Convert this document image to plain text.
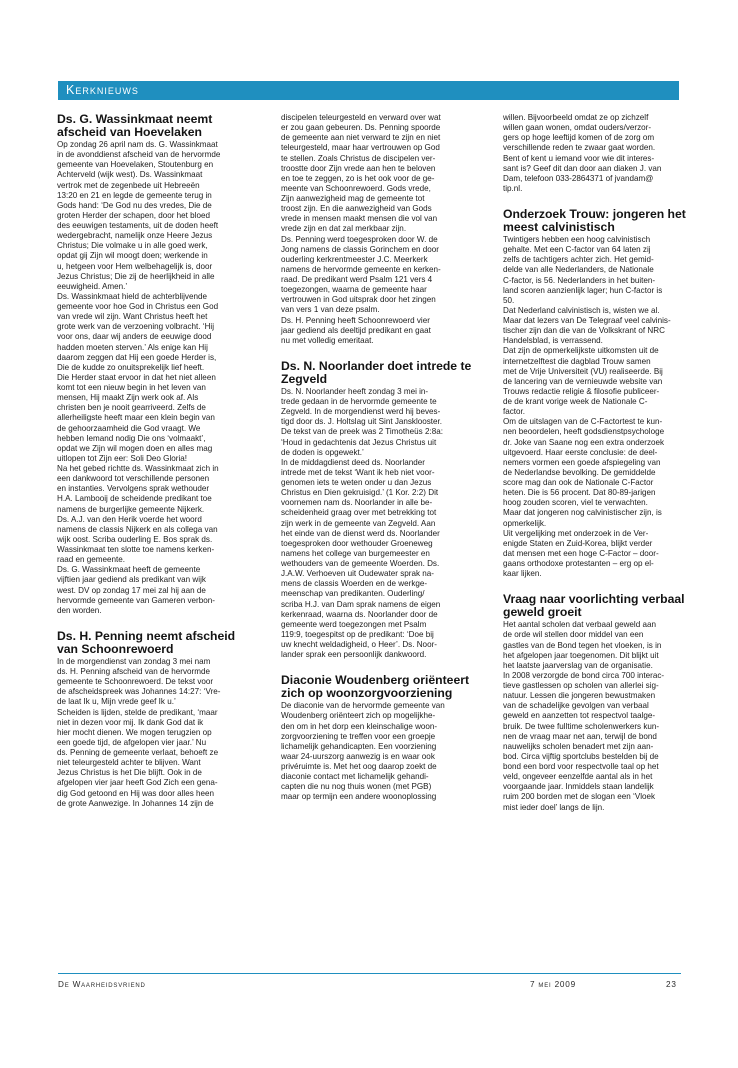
Kerknieuws
Ds. G. Wassinkmaat neemt afscheid van Hoevelaken

Op zondag 26 april nam ds. G. Wassinkmaat
in de avonddienst afscheid van de hervormde
gemeente van Hoevelaken, Stoutenburg en
Achterveld (wijk west). Ds. Wassinkmaat
vertrok met de zegenbede uit Hebreeën
13:20 en 21 en legde de gemeente terug in
Gods hand: ‘De God nu des vredes, Die de
groten Herder der schapen, door het bloed
des eeuwigen testaments, uit de doden heeft
wedergebracht, namelijk onze Heere Jezus
Christus; Die volmake u in alle goed werk,
opdat gij Zijn wil moogt doen; werkende in
u, hetgeen voor Hem welbehagelijk is, door
Jezus Christus; Die zij de heerlijkheid in alle
eeuwigheid. Amen.’
Ds. Wassinkmaat hield de achterblijvende
gemeente voor hoe God in Christus een God
van vrede wil zijn. Want Christus heeft het
grote werk van de verzoening volbracht. ‘Hij
voor ons, daar wij anders de eeuwige dood
hadden moeten sterven.’ Als enige kan Hij
daarom zeggen dat Hij een goede Herder is,
Die de kudde zo onuitsprekelijk lief heeft.
Die Herder staat ervoor in dat het niet alleen
komt tot een nieuw begin in het leven van
mensen, Hij maakt Zijn werk ook af. Als
christen ben je nooit gearriveerd. Zelfs de
allerheiligste heeft maar een klein begin van
de gehoorzaamheid die God vraagt. We
hebben Iemand nodig Die ons ‘volmaakt’,
opdat we Zijn wil mogen doen en alles mag
uitlopen tot Zijn eer: Soli Deo Gloria!
Na het gebed richtte ds. Wassinkmaat zich in
een dankwoord tot verschillende personen
en instanties. Vervolgens sprak wethouder
H.A. Lambooij de scheidende predikant toe
namens de burgerlijke gemeente Nijkerk.
Ds. A.J. van den Herik voerde het woord
namens de classis Nijkerk en als collega van
wijk oost. Scriba ouderling E. Bos sprak ds.
Wassinkmaat ten slotte toe namens kerken-
raad en gemeente.
Ds. G. Wassinkmaat heeft de gemeente
vijftien jaar gediend als predikant van wijk
west. DV op zondag 17 mei zal hij aan de
hervormde gemeente van Gameren verbon-
den worden.

Ds. H. Penning neemt afscheid van Schoonrewoerd

In de morgendienst van zondag 3 mei nam
ds. H. Penning afscheid van de hervormde
gemeente te Schoonrewoerd. De tekst voor
de afscheidspreek was Johannes 14:27: ‘Vre-
de laat Ik u, Mijn vrede geef Ik u.’
Scheiden is lijden, stelde de predikant, ‘maar
niet in dezen voor mij. Ik dank God dat ik
hier mocht dienen. We mogen terugzien op
een goede tijd, de afgelopen vier jaar.’ Nu
ds. Penning de gemeente verlaat, behoeft ze
niet teleurgesteld achter te blijven. Want
Jezus Christus is het Die blijft. Ook in de
afgelopen vier jaar heeft God Zich een gena-
dig God getoond en Hij was door alles heen
de grote Aanwezige. In Johannes 14 zijn de

discipelen teleurgesteld en verward over wat
er zou gaan gebeuren. Ds. Penning spoorde
de gemeente aan niet verward te zijn en niet
teleurgesteld, maar haar vertrouwen op God
te stellen. Zoals Christus de discipelen ver-
troostte door Zijn vrede aan hen te beloven
en toe te zeggen, zo is het ook voor de ge-
meente van Schoonrewoerd. Gods vrede,
Zijn aanwezigheid mag de gemeente tot
troost zijn. En die aanwezigheid van Gods
vrede in mensen maakt mensen die vol van
vrede zijn en dat zal merkbaar zijn.
Ds. Penning werd toegesproken door W. de
Jong namens de classis Gorinchem en door
ouderling kerkrentmeester J.C. Meerkerk
namens de hervormde gemeente en kerken-
raad. De predikant werd Psalm 121 vers 4
toegezongen, waarna de gemeente haar
vertrouwen in God uitsprak door het zingen
van vers 1 van deze psalm.
Ds. H. Penning heeft Schoonrewoerd vier
jaar gediend als deeltijd predikant en gaat
nu met volledig emeritaat.

Ds. N. Noorlander doet intrede te Zegveld

Ds. N. Noorlander heeft zondag 3 mei in-
trede gedaan in de hervormde gemeente te
Zegveld. In de morgendienst werd hij beves-
tigd door ds. J. Holtslag uit Sint Jansklooster.
De tekst van de preek was 2 Timotheüs 2:8a:
‘Houd in gedachtenis dat Jezus Christus uit
de doden is opgewekt.’
In de middagdienst deed ds. Noorlander
intrede met de tekst ‘Want ik heb niet voor-
genomen iets te weten onder u dan Jezus
Christus en Dien gekruisigd.’ (1 Kor. 2:2) Dit
voornemen nam ds. Noorlander in alle be-
scheidenheid graag over met betrekking tot
zijn werk in de gemeente van Zegveld. Aan
het einde van de dienst werd ds. Noorlander
toegesproken door wethouder Groeneweg
namens het college van burgemeester en
wethouders van de gemeente Woerden. Ds.
J.A.W. Verhoeven uit Oudewater sprak na-
mens de classis Woerden en de werkge-
meenschap van predikanten. Ouderling/
scriba H.J. van Dam sprak namens de eigen
kerkenraad, waarna ds. Noorlander door de
gemeente werd toegezongen met Psalm
119:9, toegespitst op de predikant: ‘Doe bij
uw knecht weldadigheid, o Heer’. Ds. Noor-
lander sprak een persoonlijk dankwoord.

Diaconie Woudenberg oriënteert zich op woonzorgvoorziening

De diaconie van de hervormde gemeente van
Woudenberg oriënteert zich op mogelijkhe-
den om in het dorp een kleinschalige woon-
zorgvoorziening te treffen voor een groepje
lichamelijk gehandicapten. Een voorziening
waar 24-uurszorg aanwezig is en waar ook
privéruimte is. Met het oog daarop zoekt de
diaconie contact met lichamelijk gehandi-
capten die nu nog thuis wonen (met PGB)
maar op termijn een andere woonoplossing

willen. Bijvoorbeeld omdat ze op zichzelf
willen gaan wonen, omdat ouders/verzor-
gers op hoge leeftijd komen of de zorg om
verschillende reden te zwaar gaat worden.
Bent of kent u iemand voor wie dit interes-
sant is? Geef dit dan door aan diaken J. van
Dam, telefoon 033-2864371 of jvandam@
tip.nl.

Onderzoek Trouw: jongeren het meest calvinistisch

Twintigers hebben een hoog calvinistisch
gehalte. Met een C-factor van 64 laten zij
zelfs de tachtigers achter zich. Het gemid-
delde van alle Nederlanders, de Nationale
C-factor, is 56. Nederlanders in het buiten-
land scoren aanzienlijk lager; hun C-factor is
50.
Dat Nederland calvinistisch is, wisten we al.
Maar dat lezers van De Telegraaf veel calvinis-
tischer zijn dan die van de Volkskrant of NRC
Handelsblad, is verrassend.
Dat zijn de opmerkelijkste uitkomsten uit de
internetzelftest die dagblad Trouw samen
met de Vrije Universiteit (VU) realiseerde. Bij
de lancering van de vernieuwde website van
Trouws redactie religie & filosofie publiceer-
de de krant vorige week de Nationale C-
factor.
Om de uitslagen van de C-Factortest te kun-
nen beoordelen, heeft godsdienstpsychologe
dr. Joke van Saane nog een extra onderzoek
uitgevoerd. Haar eerste conclusie: de deel-
nemers vormen een goede afspiegeling van
de Nederlandse bevolking. De gemiddelde
score mag dan ook de Nationale C-Factor
heten. Die is 56 procent. Dat 80-89-jarigen
hoog zouden scoren, viel te verwachten.
Maar dat jongeren nog calvinistischer zijn, is
opmerkelijk.
Uit vergelijking met onderzoek in de Ver-
enigde Staten en Zuid-Korea, blijkt verder
dat mensen met een hoge C-Factor – door-
gaans orthodoxe protestanten – erg op el-
kaar lijken.

Vraag naar voorlichting verbaal geweld groeit

Het aantal scholen dat verbaal geweld aan
de orde wil stellen door middel van een
gastles van de Bond tegen het vloeken, is in
het afgelopen jaar toegenomen. Dit blijkt uit
het laatste jaarverslag van de organisatie.
In 2008 verzorgde de bond circa 700 interac-
tieve gastlessen op scholen van allerlei sig-
natuur. Lessen die jongeren bewustmaken
van de schadelijke gevolgen van verbaal
geweld en aanzetten tot respectvol taalge-
bruik. De twee fulltime scholenwerkers kun-
nen de vraag maar net aan, terwijl de bond
nauwelijks scholen benadert met zijn aan-
bod. Circa vijftig sportclubs bestelden bij de
bond een bord voor respectvolle taal op het
veld, ongeveer eenzelfde aantal als in het
voorgaande jaar. Inmiddels staan landelijk
ruim 200 borden met de slogan een ‘Vloek
mist ieder doel’ langs de lijn.

De Waarheidsvriend	7 mei 2009	23
